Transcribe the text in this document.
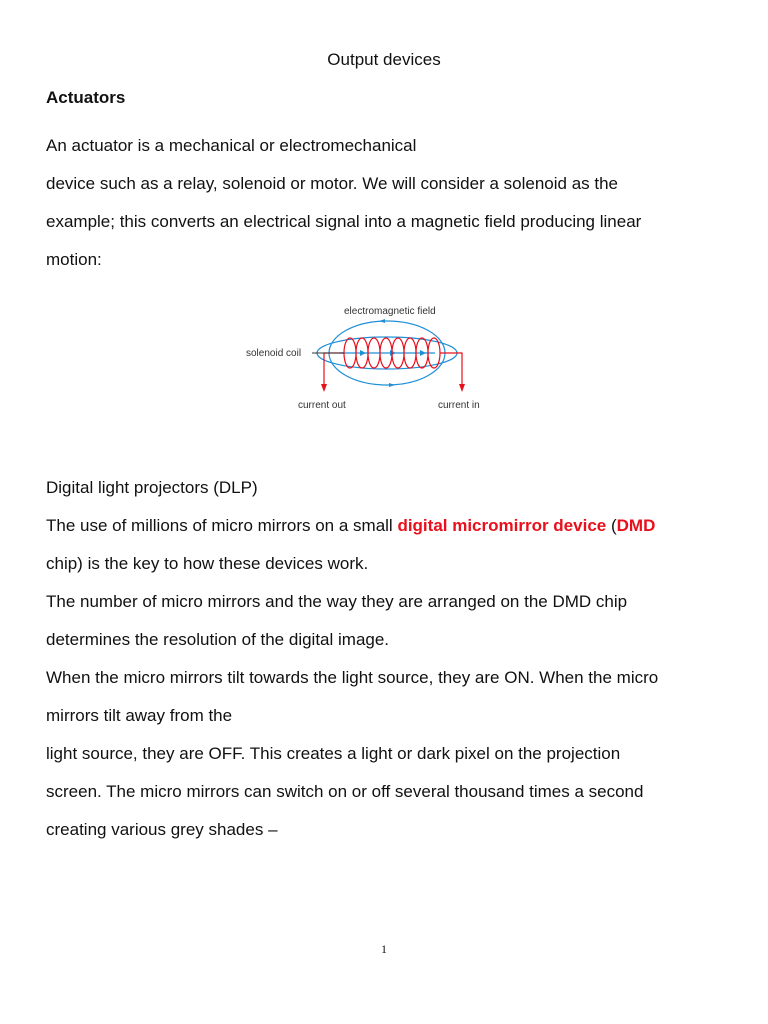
Output devices
Actuators
An actuator is a mechanical or electromechanical
device such as a relay, solenoid or motor. We will consider a solenoid as the
example; this converts an electrical signal into a magnetic field producing linear
motion:
electromagnetic field
solenoid coil
current out	current in
Digital light projectors (DLP)
The use of millions of micro mirrors on a small digital micromirror device (DMD
chip) is the key to how these devices work.
The number of micro mirrors and the way they are arranged on the DMD chip
determines the resolution of the digital image.
When the micro mirrors tilt towards the light source, they are ON. When the micro
mirrors tilt away from the
light source, they are OFF. This creates a light or dark pixel on the projection
screen. The micro mirrors can switch on or off several thousand times a second
creating various grey shades –
1
